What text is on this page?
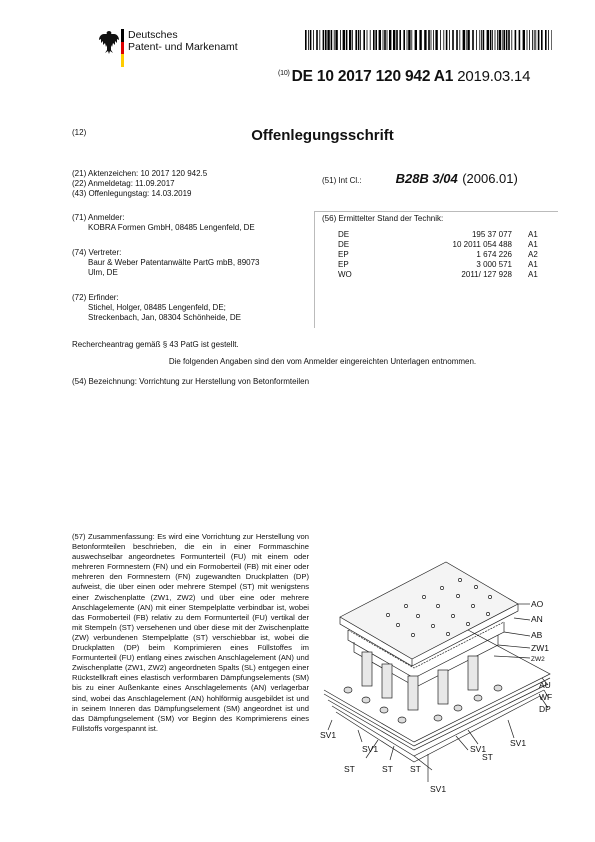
Deutsches
Patent- und Markenamt
$^{(10)}$ DE 10 2017 120 942 A1 2019.03.14
(12)	Offenlegungsschrift
(21) Aktenzeichen: 10 2017 120 942.5
(22) Anmeldetag: 11.09.2017
(43) Offenlegungstag: 14.03.2019
(51) Int Cl.:	B28B 3/04 (2006.01)
(71) Anmelder:
KOBRA Formen GmbH, 08485 Lengenfeld, DE
(74) Vertreter:
Baur & Weber Patentanwälte PartG mbB, 89073
Ulm, DE
(72) Erfinder:
Stichel, Holger, 08485 Lengenfeld, DE;
Streckenbach, Jan, 08304 Schönheide, DE
(56) Ermittelter Stand der Technik:
DE	195 37 077	A1
DE	10 2011 054 488	A1
EP	1 674 226	A2
EP	3 000 571	A1
WO	2011/ 127 928	A1
Rechercheantrag gemäß § 43 PatG ist gestellt.
Die folgenden Angaben sind den vom Anmelder eingereichten Unterlagen entnommen.
(54) Bezeichnung: Vorrichtung zur Herstellung von Betonformteilen
(57) Zusammenfassung: Es wird eine Vorrichtung zur Herstellung von Betonformteilen beschrieben, die ein in einer Formmaschine auswechselbar angeordnetes Formunterteil (FU) mit einem oder mehreren Formnestern (FN) und ein Formoberteil (FB) mit einer oder mehreren den Formnestern (FN) zugewandten Druckplatten (DP) aufweist, die über einen oder mehrere Stempel (ST) mit wenigstens einer Zwischenplatte (ZW1, ZW2) und über eine oder mehrere Anschlagelemente (AN) mit einer Stempelplatte verbindbar ist, wobei das Formoberteil (FB) relativ zu dem Formunterteil (FU) vertikal der mit Stempeln (ST) versehenen und über diese mit der Zwischenplatte (ZW) verbundenen Stempelplatte (ST) verschiebbar ist, wobei die Druckplatten (DP) beim Komprimieren eines Füllstoffes im Formunterteil (FU) entlang eines zwischen Anschlagelement (AN) und Zwischenplatte (ZW1, ZW2) angeordneten Spalts (SL) entgegen einer Rückstellkraft eines elastisch verformbaren Dämpfungselements (SM) bis zu einer Außenkante eines Anschlagelements (AN) verlagerbar sind, wobei das Anschlagelement (AN) hohlförmig ausgebildet ist und in seinem Inneren das Dämpfungselement (SM) angeordnet ist und das Dämpfungselement (SM) vor Beginn des Komprimierens eines Füllstoffs vorgespannt ist.
AO
AN
AB
ZW1
ZW2
AU
WF
DP
SV1
SV1	SV1
SV1
SV1
ST	ST ST
ST
